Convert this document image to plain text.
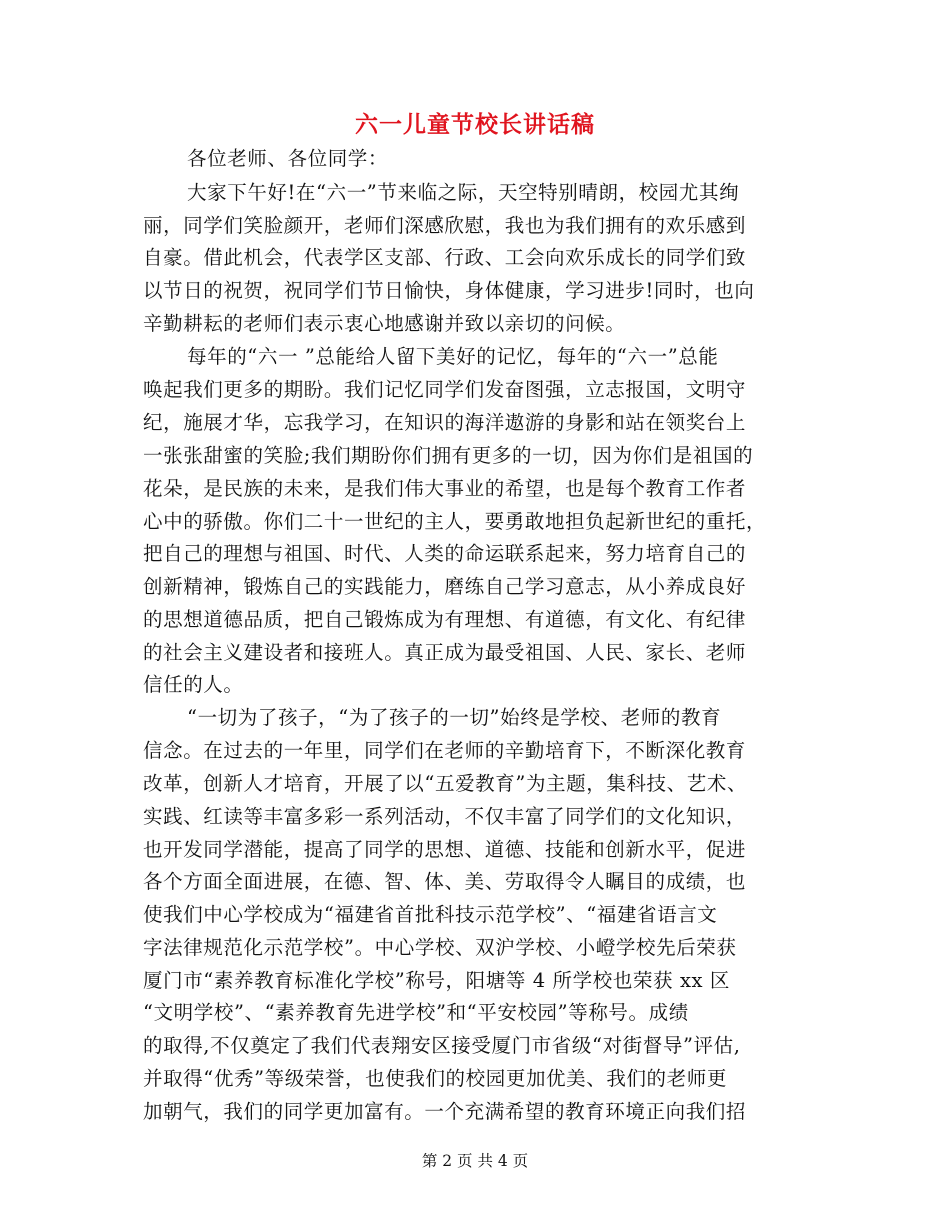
六一儿童节校长讲话稿
各位老师、各位同学：
大家下午好!在“六一”节来临之际，天空特别晴朗，校园尤其绚
丽，同学们笑脸颜开，老师们深感欣慰，我也为我们拥有的欢乐感到
自豪。借此机会，代表学区支部、行政、工会向欢乐成长的同学们致
以节日的祝贺，祝同学们节日愉快，身体健康，学习进步!同时，也向
辛勤耕耘的老师们表示衷心地感谢并致以亲切的问候。
每年的“六一 ”总能给人留下美好的记忆，每年的“六一”总能
唤起我们更多的期盼。我们记忆同学们发奋图强，立志报国，文明守
纪，施展才华，忘我学习，在知识的海洋遨游的身影和站在领奖台上
一张张甜蜜的笑脸;我们期盼你们拥有更多的一切，因为你们是祖国的
花朵，是民族的未来，是我们伟大事业的希望，也是每个教育工作者
心中的骄傲。你们二十一世纪的主人，要勇敢地担负起新世纪的重托，
把自己的理想与祖国、时代、人类的命运联系起来，努力培育自己的
创新精神，锻炼自己的实践能力，磨练自己学习意志，从小养成良好
的思想道德品质，把自己锻炼成为有理想、有道德，有文化、有纪律
的社会主义建设者和接班人。真正成为最受祖国、人民、家长、老师
信任的人。
“一切为了孩子，“为了孩子的一切”始终是学校、老师的教育
信念。在过去的一年里，同学们在老师的辛勤培育下，不断深化教育
改革，创新人才培育，开展了以“五爱教育”为主题，集科技、艺术、
实践、红读等丰富多彩一系列活动，不仅丰富了同学们的文化知识，
也开发同学潜能，提高了同学的思想、道德、技能和创新水平，促进
各个方面全面进展，在德、智、体、美、劳取得令人瞩目的成绩，也
使我们中心学校成为“福建省首批科技示范学校”、“福建省语言文
字法律规范化示范学校”。中心学校、双沪学校、小嶝学校先后荣获
厦门市“素养教育标准化学校”称号，阳塘等 4 所学校也荣获 xx 区
“文明学校”、“素养教育先进学校”和“平安校园”等称号。成绩
的取得,不仅奠定了我们代表翔安区接受厦门市省级“对街督导”评估,
并取得“优秀”等级荣誉，也使我们的校园更加优美、我们的老师更
加朝气，我们的同学更加富有。一个充满希望的教育环境正向我们招
第 2 页 共 4 页
